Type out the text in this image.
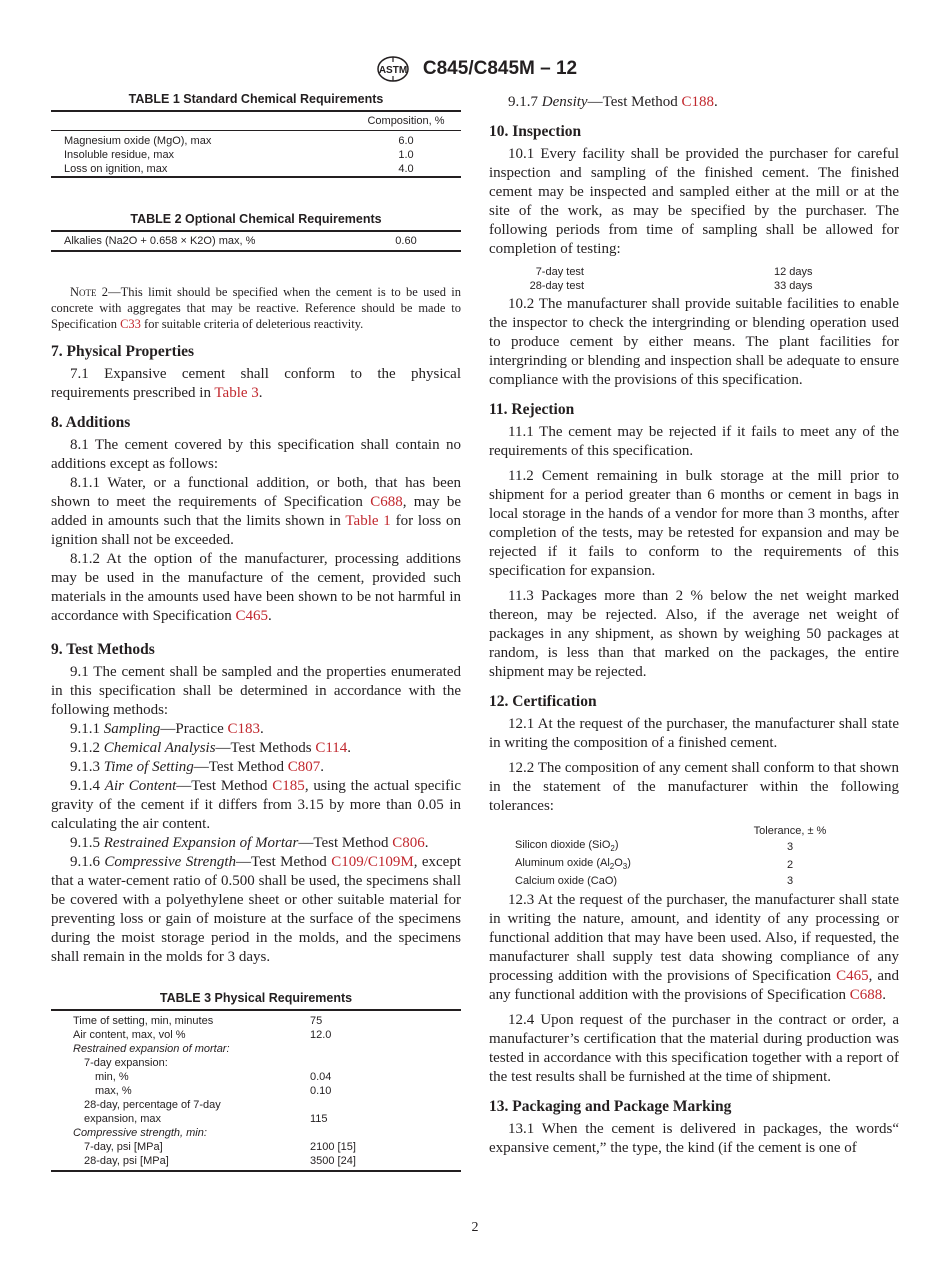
ASTM C845/C845M – 12
TABLE 1 Standard Chemical Requirements
	Composition, %
Magnesium oxide (MgO), max	6.0
Insoluble residue, max	1.0
Loss on ignition, max	4.0
TABLE 2 Optional Chemical Requirements
Alkalies (Na2O + 0.658 × K2O) max, %	0.60

Note 2—This limit should be specified when the cement is to be used in concrete with aggregates that may be reactive. Reference should be made to Specification C33 for suitable criteria of deleterious reactivity.

7. Physical Properties

7.1 Expansive cement shall conform to the physical requirements prescribed in Table 3.

8. Additions

8.1 The cement covered by this specification shall contain no additions except as follows:

8.1.1 Water, or a functional addition, or both, that has been shown to meet the requirements of Specification C688, may be added in amounts such that the limits shown in Table 1 for loss on ignition shall not be exceeded.

8.1.2 At the option of the manufacturer, processing additions may be used in the manufacture of the cement, provided such materials in the amounts used have been shown to be not harmful in accordance with Specification C465.

9. Test Methods

9.1 The cement shall be sampled and the properties enumerated in this specification shall be determined in accordance with the following methods:

9.1.1 Sampling—Practice C183.

9.1.2 Chemical Analysis—Test Methods C114.

9.1.3 Time of Setting—Test Method C807.

9.1.4 Air Content—Test Method C185, using the actual specific gravity of the cement if it differs from 3.15 by more than 0.05 in calculating the air content.

9.1.5 Restrained Expansion of Mortar—Test Method C806.

9.1.6 Compressive Strength—Test Method C109/C109M, except that a water-cement ratio of 0.500 shall be used, the specimens shall be covered with a polyethylene sheet or other suitable material for preventing loss or gain of moisture at the surface of the specimens during the moist storage period in the molds, and the specimens shall remain in the molds for 3 days.

TABLE 3 Physical Requirements
Time of setting, min, minutes	75
Air content, max, vol %	12.0
Restrained expansion of mortar:	
7-day expansion:	
min, %	0.04
max, %	0.10
28-day, percentage of 7-day	
expansion, max	115
Compressive strength, min:	
7-day, psi [MPa]	2100 [15]
28-day, psi [MPa]	3500 [24]

9.1.7 Density—Test Method C188.

10. Inspection

10.1 Every facility shall be provided the purchaser for careful inspection and sampling of the finished cement. The finished cement may be inspected and sampled either at the mill or at the site of the work, as may be specified by the purchaser. The following periods from time of sampling shall be allowed for completion of testing:

7-day test	12 days
28-day test	33 days

10.2 The manufacturer shall provide suitable facilities to enable the inspector to check the intergrinding or blending operation used to produce cement by either means. The plant facilities for intergrinding or blending and inspection shall be adequate to ensure compliance with the provisions of this specification.

11. Rejection

11.1 The cement may be rejected if it fails to meet any of the requirements of this specification.

11.2 Cement remaining in bulk storage at the mill prior to shipment for a period greater than 6 months or cement in bags in local storage in the hands of a vendor for more than 3 months, after completion of the tests, may be retested for expansion and may be rejected if it fails to conform to the requirements of this specification for expansion.

11.3 Packages more than 2 % below the net weight marked thereon, may be rejected. Also, if the average net weight of packages in any shipment, as shown by weighing 50 packages at random, is less than that marked on the packages, the entire shipment may be rejected.

12. Certification

12.1 At the request of the purchaser, the manufacturer shall state in writing the composition of a finished cement.

12.2 The composition of any cement shall conform to that shown in the statement of the manufacturer within the following tolerances:

	Tolerance, ± %
Silicon dioxide (SiO$_2$)	3
Aluminum oxide $(Al_2O_3)$	2
Calcium oxide (CaO)	3

12.3 At the request of the purchaser, the manufacturer shall state in writing the nature, amount, and identity of any processing or functional addition that may have been used. Also, if requested, the manufacturer shall supply test data showing compliance of any processing addition with the provisions of Specification C465, and any functional addition with the provisions of Specification C688.

12.4 Upon request of the purchaser in the contract or order, a manufacturer’s certification that the material during production was tested in accordance with this specification together with a report of the test results shall be furnished at the time of shipment.

13. Packaging and Package Marking

13.1 When the cement is delivered in packages, the words“ expansive cement,” the type, the kind (if the cement is one of

2
